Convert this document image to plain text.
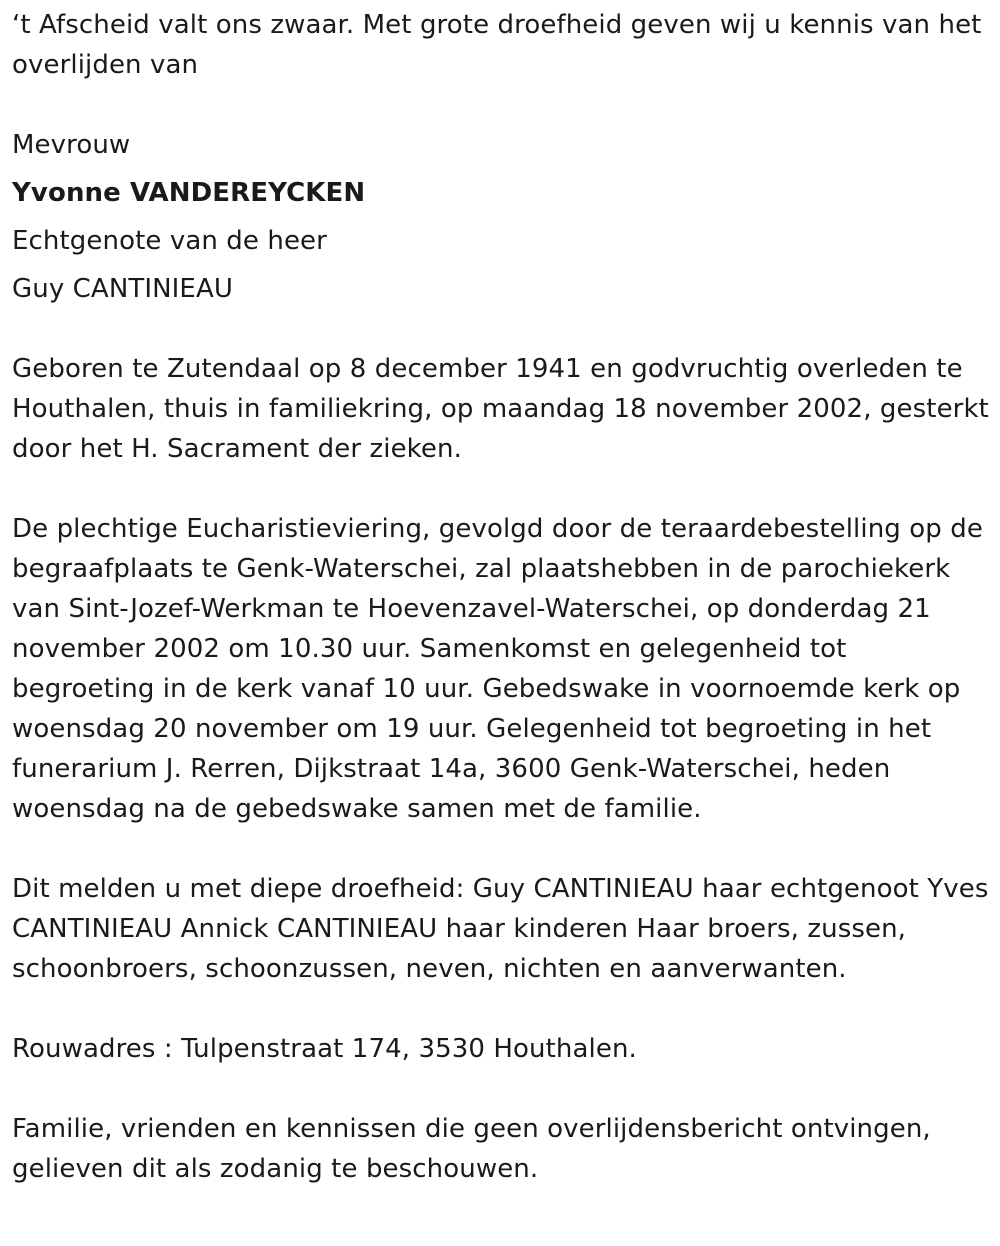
‘t Afscheid valt ons zwaar. Met grote droefheid geven wij u kennis van het overlijden van

Mevrouw
Yvonne VANDEREYCKEN
Echtgenote van de heer
Guy CANTINIEAU

Geboren te Zutendaal op 8 december 1941 en godvruchtig overleden te Houthalen, thuis in familiekring, op maandag 18 november 2002, gesterkt door het H. Sacrament der zieken.

De plechtige Eucharistieviering, gevolgd door de teraardebestelling op de begraafplaats te Genk-Waterschei, zal plaatshebben in de parochiekerk van Sint-Jozef-Werkman te Hoevenzavel-Waterschei, op donderdag 21 november 2002 om 10.30 uur. Samenkomst en gelegenheid tot begroeting in de kerk vanaf 10 uur. Gebedswake in voornoemde kerk op woensdag 20 november om 19 uur. Gelegenheid tot begroeting in het funerarium J. Rerren, Dijkstraat 14a, 3600 Genk-Waterschei, heden woensdag na de gebedswake samen met de familie.

Dit melden u met diepe droefheid: Guy CANTINIEAU haar echtgenoot Yves CANTINIEAU Annick CANTINIEAU haar kinderen Haar broers, zussen, schoonbroers, schoonzussen, neven, nichten en aanverwanten.

Rouwadres : Tulpenstraat 174, 3530 Houthalen.

Familie, vrienden en kennissen die geen overlijdensbericht ontvingen, gelieven dit als zodanig te beschouwen.
